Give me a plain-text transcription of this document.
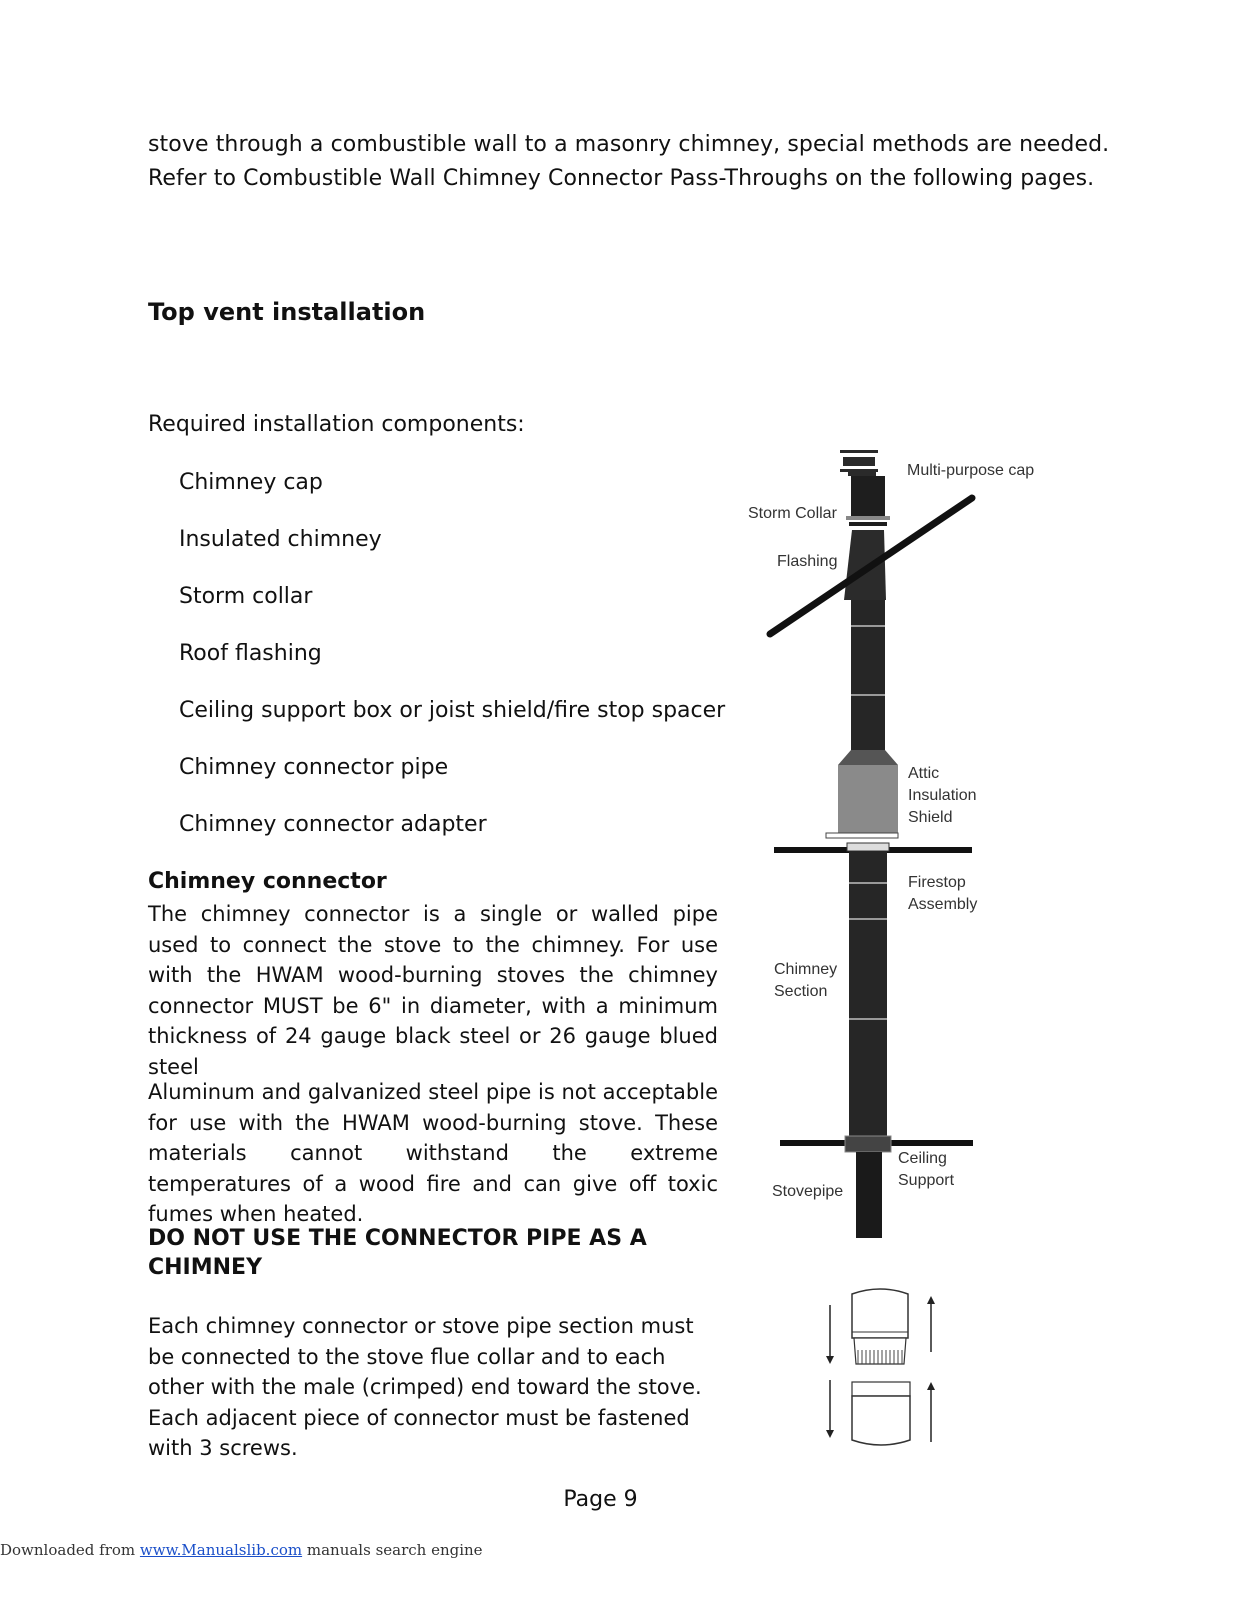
stove through a combustible wall to a masonry chimney, special methods are needed.

Refer to Combustible Wall Chimney Connector Pass-Throughs on the following pages.

Top vent installation
Required installation components:
Chimney cap
Insulated chimney
Storm collar
Roof flashing
Ceiling support box or joist shield/fire stop spacer
Chimney connector pipe
Chimney connector adapter
Chimney connector
The chimney connector is a single or walled pipe used to connect the stove to the chimney. For use with the HWAM wood-burning stoves the chimney connector MUST be 6" in diameter, with a minimum thickness of 24 gauge black steel or 26 gauge blued steel
Aluminum and galvanized steel pipe is not acceptable for use with the HWAM wood-burning stove. These materials cannot withstand the extreme temperatures of a wood fire and can give off toxic fumes when heated.
DO NOT USE THE CONNECTOR PIPE AS A CHIMNEY
Each chimney connector or stove pipe section must be connected to the stove flue collar and to each other with the male (crimped) end toward the stove. Each adjacent piece of connector must be fastened with 3 screws.
Multi-purpose cap
Storm Collar
Flashing
Attic
Insulation
Shield
Firestop
Assembly
Chimney
Section
Ceiling
Support
Stovepipe
Page 9
Downloaded from www.Manualslib.com manuals search engine
